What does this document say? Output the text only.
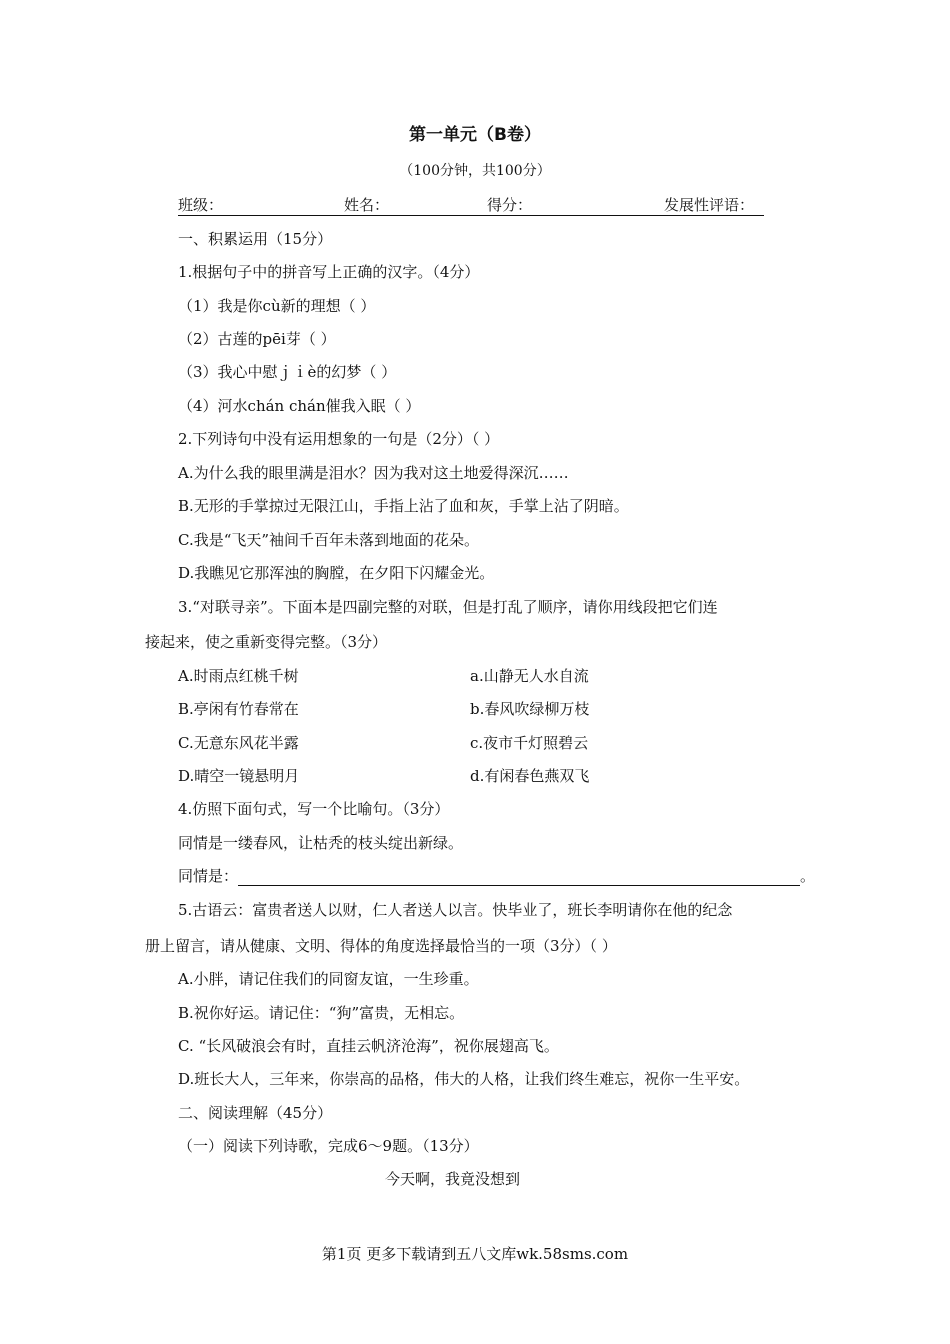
第一单元（B卷）
（100分钟，共100分）
班级：	姓名：	得分：	发展性评语：
一、积累运用（15分）
1.根据句子中的拼音写上正确的汉字。（4分）
（1）我是你cù新的理想（ ）
（2）古莲的pēi芽（ ）
（3）我心中慰ｊｉè的幻梦（ ）
（4）河水chán chán催我入眠（ ）
2.下列诗句中没有运用想象的一句是（2分）（ ）
A.为什么我的眼里满是泪水？因为我对这土地爱得深沉……
B.无形的手掌掠过无限江山，手指上沾了血和灰，手掌上沾了阴暗。
C.我是“飞天”袖间千百年未落到地面的花朵。
D.我瞧见它那浑浊的胸膛，在夕阳下闪耀金光。
3.“对联寻亲”。下面本是四副完整的对联，但是打乱了顺序，请你用线段把它们连
接起来，使之重新变得完整。（3分）
A.时雨点红桃千树	a.山静无人水自流
B.亭闲有竹春常在	b.春风吹绿柳万枝
C.无意东风花半露	c.夜市千灯照碧云
D.晴空一镜悬明月	d.有闲春色燕双飞
4.仿照下面句式，写一个比喻句。（3分）
同情是一缕春风，让枯秃的枝头绽出新绿。
同情是：	。
5.古语云：富贵者送人以财，仁人者送人以言。快毕业了，班长李明请你在他的纪念
册上留言，请从健康、文明、得体的角度选择最恰当的一项（3分）（ ）
A.小胖，请记住我们的同窗友谊，一生珍重。
B.祝你好运。请记住：“狗”富贵，无相忘。
C. “长风破浪会有时，直挂云帆济沧海”，祝你展翅高飞。
D.班长大人，三年来，你崇高的品格，伟大的人格，让我们终生难忘，祝你一生平安。
二、阅读理解（45分）
（一）阅读下列诗歌，完成6～9题。（13分）
今天啊，我竟没想到
第1页 更多下载请到五八文库wk.58sms.com
